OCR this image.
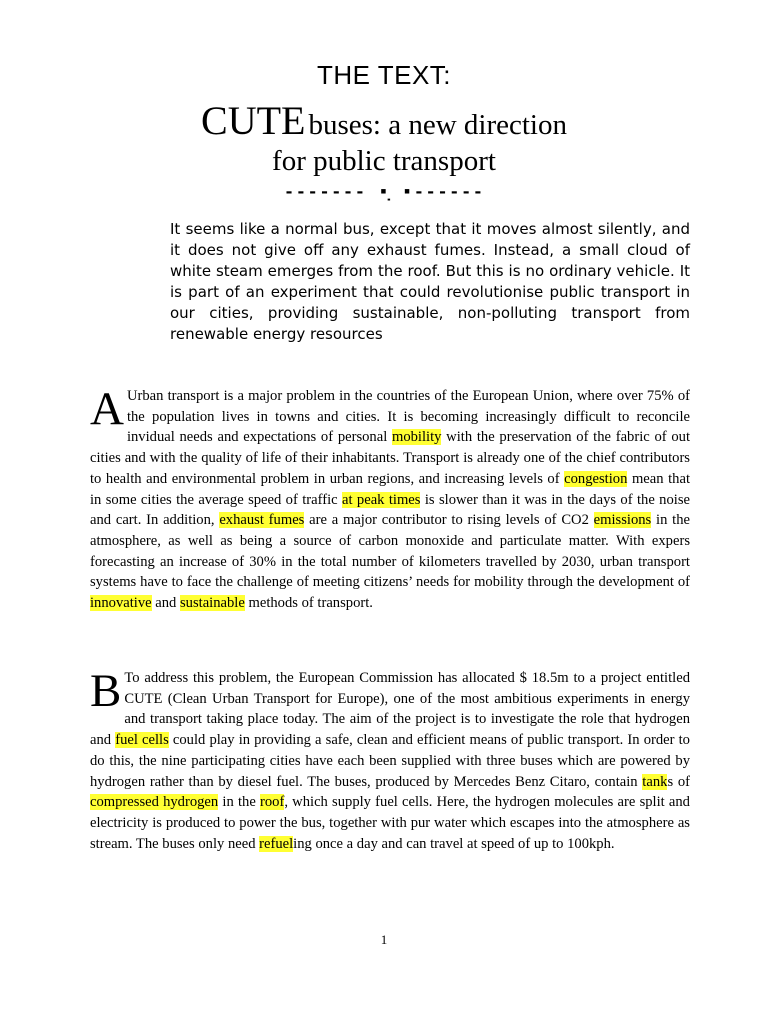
THE TEXT:
CUTE buses: a new direction
for public transport
------- ▪̣ ▪------

It seems like a normal bus, except that it moves almost silently, and it does not give off any exhaust fumes. Instead, a small cloud of white steam emerges from the roof. But this is no ordinary vehicle. It is part of an experiment that could revolutionise public transport in our cities, providing sustainable, non-polluting transport from renewable energy resources

A Urban transport is a major problem in the countries of the European Union, where over 75% of the population lives in towns and cities. It is becoming increasingly difficult to reconcile invidual needs and expectations of personal mobility with the preservation of the fabric of out cities and with the quality of life of their inhabitants. Transport is already one of the chief contributors to health and environmental problem in urban regions, and increasing levels of congestion mean that in some cities the average speed of traffic at peak times is slower than it was in the days of the noise and cart. In addition, exhaust fumes are a major contributor to rising levels of CO2 emissions in the atmosphere, as well as being a source of carbon monoxide and particulate matter. With expers forecasting an increase of 30% in the total number of kilometers travelled by 2030, urban transport systems have to face the challenge of meeting citizens’ needs for mobility through the development of innovative and sustainable methods of transport.

B To address this problem, the European Commission has allocated $ 18.5m to a project entitled CUTE (Clean Urban Transport for Europe), one of the most ambitious experiments in energy and transport taking place today. The aim of the project is to investigate the role that hydrogen and fuel cells could play in providing a safe, clean and efficient means of public transport. In order to do this, the nine participating cities have each been supplied with three buses which are powered by hydrogen rather than by diesel fuel. The buses, produced by Mercedes Benz Citaro, contain tanks of compressed hydrogen in the roof, which supply fuel cells. Here, the hydrogen molecules are split and electricity is produced to power the bus, together with pur water which escapes into the atmosphere as stream. The buses only need refueling once a day and can travel at speed of up to 100kph.

1
